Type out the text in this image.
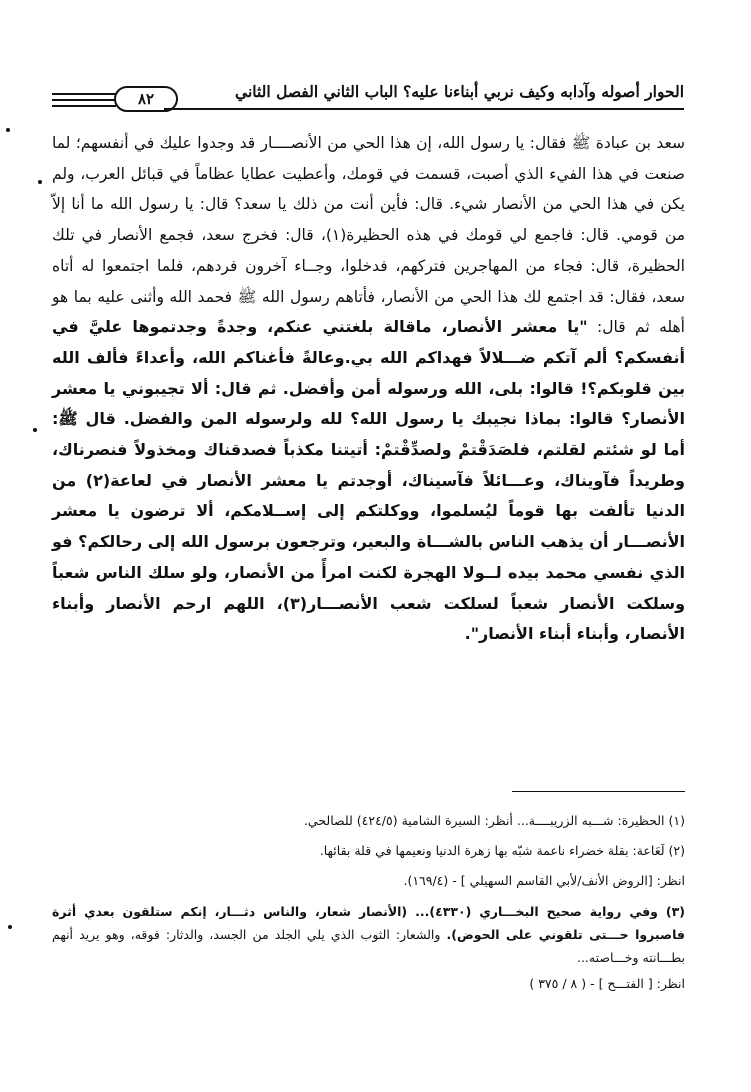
الحوار أصوله وآدابه وكيف نربي أبناءنا عليه؟ الباب الثاني الفصل الثاني
٨٢

سعد بن عبادة ﷺ فقال: يا رسول الله، إن هذا الحي من الأنصــــار قد وجدوا عليك في أنفسهم؛ لما صنعت في هذا الفيء الذي أصبت، قسمت في قومك، وأعطيت عطايا عظاماً في قبائل العرب، ولم يكن في هذا الحي من الأنصار شيء. قال: فأين أنت من ذلك يا سعد؟ قال: يا رسول الله ما أنا إلاّ من قومي. قال: فاجمع لي قومك في هذه الحظيرة(١)، قال: فخرج سعد، فجمع الأنصار في تلك الحظيرة، قال: فجاء من المهاجرين فتركهم، فدخلوا، وجــاء آخرون فردهم، فلما اجتمعوا له أتاه سعد، فقال: قد اجتمع لك هذا الحي من الأنصار، فأتاهم رسول الله ﷺ فحمد الله وأثنى عليه بما هو أهله ثم قال: "يا معشر الأنصار، ماقالة بلغتني عنكم، وجدةً وجدتموها عليَّ في أنفسكم؟ ألم آتكم ضـــلالاً فهداكم الله بي.وعالةً فأغناكم الله، وأعداءً فألف الله بين قلوبكم؟! قالوا: بلى، الله ورسوله أمن وأفضل. ثم قال: ألا تجيبوني يا معشر الأنصار؟ قالوا: بماذا نجيبك يا رسول الله؟ لله ولرسوله المن والفضل. قال ﷺ: أما لو شئتم لقلتم، فلصَدَقْتمْ ولصدِّقْتمْ: أتيتنا مكذباً فصدقناك ومخذولاً فنصرناك، وطريداً فآويناك، وعـــائلاً فآسيناك، أوجدتم يا معشر الأنصار في لعاعة(٢) من الدنيا تألفت بها قوماً ليُسلموا، ووكلتكم إلى إســلامكم، ألا ترضون يا معشر الأنصـــار أن يذهب الناس بالشـــاة والبعير، وترجعون برسول الله إلى رحالكم؟ فو الذي نفسي محمد بيده لــولا الهجرة لكنت امرأً من الأنصار، ولو سلك الناس شعباً وسلكت الأنصار شعباً لسلكت شعب الأنصـــار(٣)، اللهم ارحم الأنصار وأبناء الأنصار، وأبناء أبناء الأنصار".

(١) الحظيرة: شـــبه الزريبــــة... أنظر: السيرة الشامية (٤٢٤/٥) للصالحي.

(٢) لَعَاعة: بقلة خضراء ناعمة شبّه بها زهرة الدنيا ونعيمها في قلة بقائها.

انظر: [الروض الأنف/لأبي القاسم السهيلي ] - (١٦٩/٤).

(٣) وفي رواية صحيح البخـــاري (٤٣٣٠)... (الأنصار شعار، والناس دثـــار، إنكم ستلقون بعدي أثرة فاصبروا حـــتى تلقوني على الحوض). والشعار: الثوب الذي يلي الجلد من الجسد، والدثار: فوقه، وهو يريد أنهم بطـــانته وخـــاصته...

انظر: [ الفتـــح ] - ( ٨ / ٣٧٥ )
